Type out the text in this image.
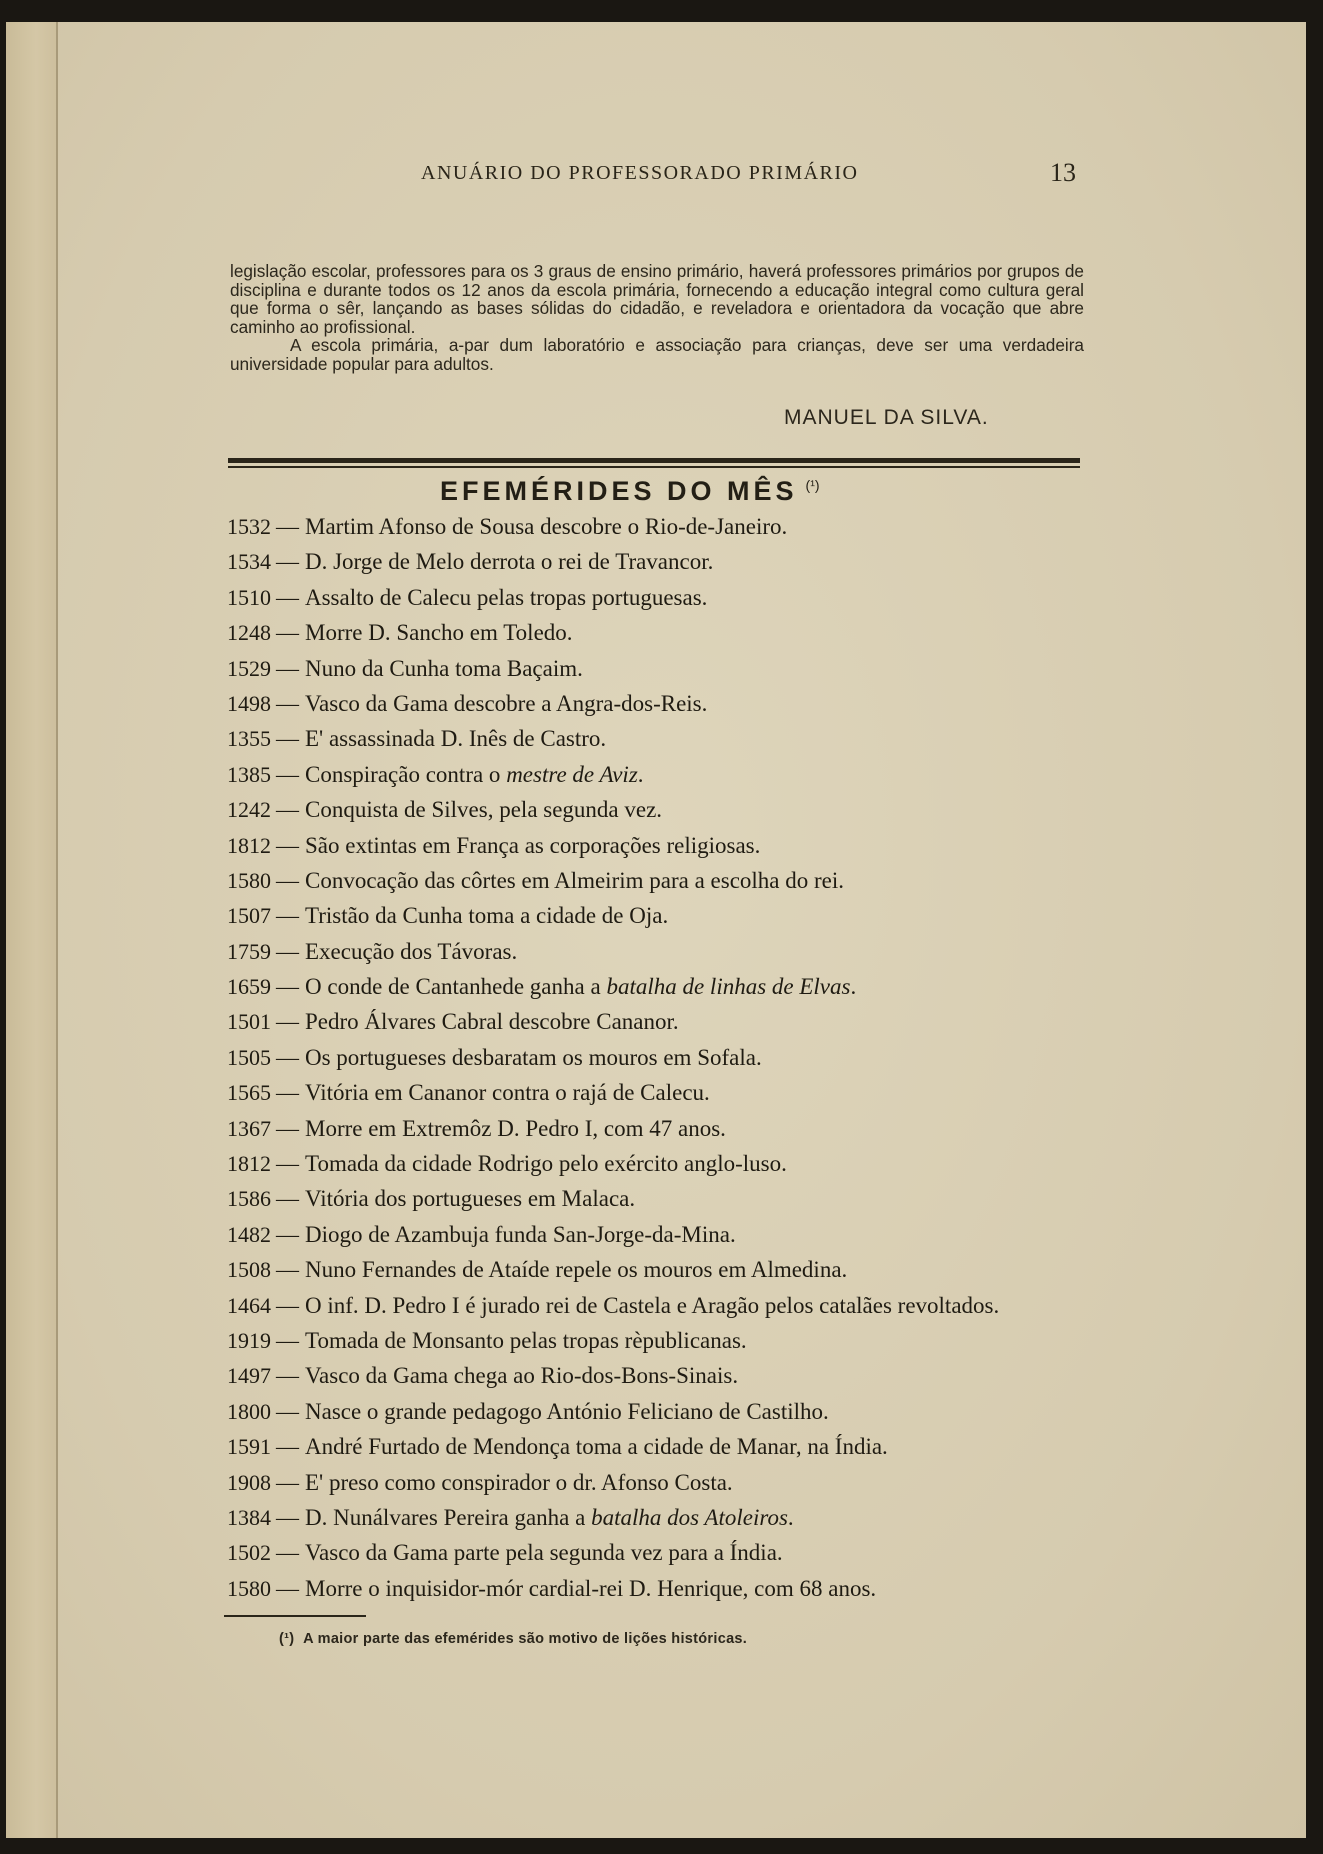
ANUÁRIO DO PROFESSORADO PRIMÁRIO	13

legislação escolar, professores para os 3 graus de ensino primário, haverá professores primários por grupos de disciplina e durante todos os 12 anos da escola primária, fornecendo a educação integral como cultura geral que forma o sêr, lançando as bases sólidas do cidadão, e reveladora e orientadora da vocação que abre caminho ao profissional.

A escola primária, a-par dum laboratório e associação para crianças, deve ser uma verdadeira universidade popular para adultos.

MANUEL DA SILVA.
EFEMÉRIDES DO MÊS $^{(^1)}$
1532 — Martim Afonso de Sousa descobre o Rio-de-Janeiro.
1534 — D. Jorge de Melo derrota o rei de Travancor.
1510 — Assalto de Calecu pelas tropas portuguesas.
1248 — Morre D. Sancho em Toledo.
1529 — Nuno da Cunha toma Baçaim.
1498 — Vasco da Gama descobre a Angra-dos-Reis.
1355 — E' assassinada D. Inês de Castro.
1385 — Conspiração contra o mestre de Aviz.
1242 — Conquista de Silves, pela segunda vez.
1812 — São extintas em França as corporações religiosas.
1580 — Convocação das côrtes em Almeirim para a escolha do rei.
1507 — Tristão da Cunha toma a cidade de Oja.
1759 — Execução dos Távoras.
1659 — O conde de Cantanhede ganha a batalha de linhas de Elvas.
1501 — Pedro Álvares Cabral descobre Cananor.
1505 — Os portugueses desbaratam os mouros em Sofala.
1565 — Vitória em Cananor contra o rajá de Calecu.
1367 — Morre em Extremôz D. Pedro I, com 47 anos.
1812 — Tomada da cidade Rodrigo pelo exército anglo-luso.
1586 — Vitória dos portugueses em Malaca.
1482 — Diogo de Azambuja funda San-Jorge-da-Mina.
1508 — Nuno Fernandes de Ataíde repele os mouros em Almedina.
1464 — O inf. D. Pedro I é jurado rei de Castela e Aragão pelos catalães revoltados.
1919 — Tomada de Monsanto pelas tropas rèpublicanas.
1497 — Vasco da Gama chega ao Rio-dos-Bons-Sinais.
1800 — Nasce o grande pedagogo António Feliciano de Castilho.
1591 — André Furtado de Mendonça toma a cidade de Manar, na Índia.
1908 — E' preso como conspirador o dr. Afonso Costa.
1384 — D. Nunálvares Pereira ganha a batalha dos Atoleiros.
1502 — Vasco da Gama parte pela segunda vez para a Índia.
1580 — Morre o inquisidor-mór cardial-rei D. Henrique, com 68 anos.
(¹) A maior parte das efemérides são motivo de lições históricas.
